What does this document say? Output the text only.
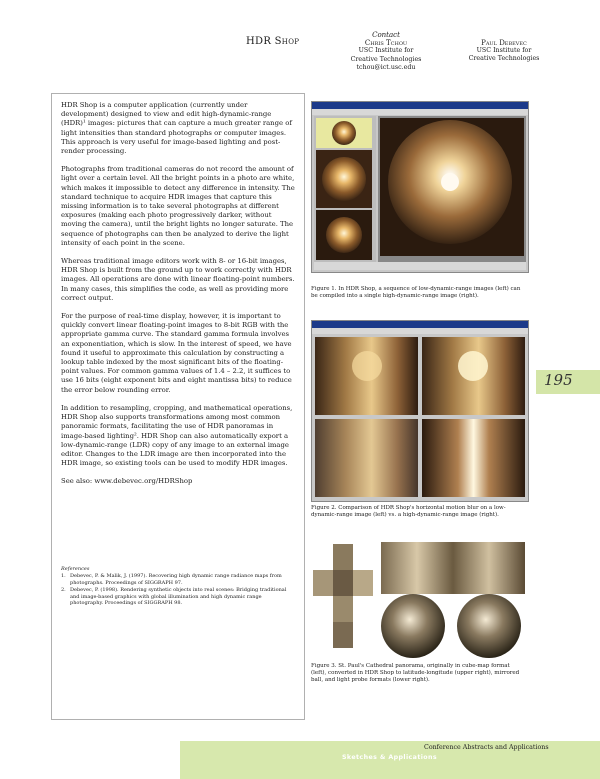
HDR Shop
Contact
Chris Tchou
USC Institute for
Creative Technologies
tchou@ict.usc.edu
Paul Debevec
USC Institute for
Creative Technologies

HDR Shop is a computer application (currently under development) designed to view and edit high-dynamic-range (HDR)¹ images: pictures that can capture a much greater range of light intensities than standard photographs or computer images. This approach is very useful for image-based lighting and post-render processing.

Photographs from traditional cameras do not record the amount of light over a certain level. All the bright points in a photo are white, which makes it impossible to detect any difference in intensity. The standard technique to acquire HDR images that capture this missing information is to take several photographs at different exposures (making each photo progressively darker, without moving the camera), until the bright lights no longer saturate. The sequence of photographs can then be analyzed to derive the light intensity of each point in the scene.

Whereas traditional image editors work with 8- or 16-bit images, HDR Shop is built from the ground up to work correctly with HDR images. All operations are done with linear floating-point numbers. In many cases, this simplifies the code, as well as providing more correct output.

For the purpose of real-time display, however, it is important to quickly convert linear floating-point images to 8-bit RGB with the appropriate gamma curve. The standard gamma formula involves an exponentiation, which is slow. In the interest of speed, we have found it useful to approximate this calculation by constructing a lookup table indexed by the most significant bits of the floating-point values. For common gamma values of 1.4 – 2.2, it suffices to use 16 bits (eight exponent bits and eight mantissa bits) to reduce the error below rounding error.

In addition to resampling, cropping, and mathematical operations, HDR Shop also supports transformations among most common panoramic formats, facilitating the use of HDR panoramas in image-based lighting². HDR Shop can also automatically export a low-dynamic-range (LDR) copy of any image to an external image editor. Changes to the LDR image are then incorporated into the HDR image, so existing tools can be used to modify HDR images.

See also: www.debevec.org/HDRShop

References
1. Debevec, P. & Malik, J. (1997). Recovering high dynamic range radiance maps from photographs. Proceedings of SIGGRAPH 97.
2. Debevec, P. (1998). Rendering synthetic objects into real scenes: Bridging traditional and image-based graphics with global illumination and high dynamic range photography. Proceedings of SIGGRAPH 98.
Figure 1. In HDR Shop, a sequence of low-dynamic-range images (left) can be compiled into a single high-dynamic-range image (right).
Figure 2. Comparison of HDR Shop's horizontal motion blur on a low-dynamic-range image (left) vs. a high-dynamic-range image (right).
Figure 3. St. Paul's Cathedral panorama, originally in cube-map format (left), converted in HDR Shop to latitude-longitude (upper right), mirrored ball, and light probe formats (lower right).
195
Conference Abstracts and Applications
Sketches & Applications
